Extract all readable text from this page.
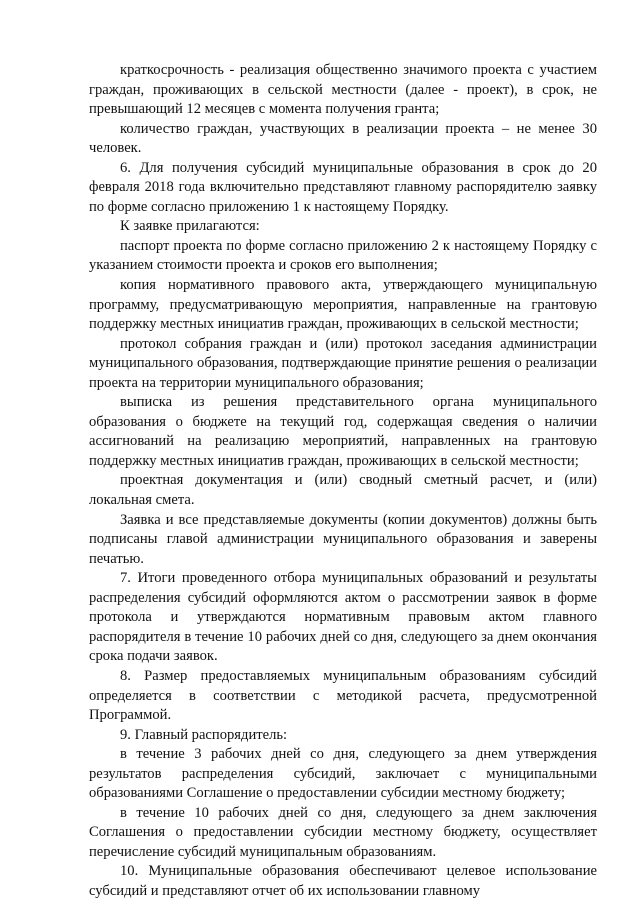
краткосрочность - реализация общественно значимого проекта с участием граждан, проживающих в сельской местности (далее - проект), в срок, не превышающий 12 месяцев с момента получения гранта;

количество граждан, участвующих в реализации проекта – не менее 30 человек.

6. Для получения субсидий муниципальные образования в срок до 20 февраля 2018 года включительно представляют главному распорядителю заявку по форме согласно приложению 1 к настоящему Порядку.

К заявке прилагаются:

паспорт проекта по форме согласно приложению 2 к настоящему Порядку с указанием стоимости проекта и сроков его выполнения;

копия нормативного правового акта, утверждающего муниципальную программу, предусматривающую мероприятия, направленные на грантовую поддержку местных инициатив граждан, проживающих в сельской местности;

протокол собрания граждан и (или) протокол заседания администрации муниципального образования, подтверждающие принятие решения о реализации проекта на территории муниципального образования;

выписка из решения представительного органа муниципального образования о бюджете на текущий год, содержащая сведения о наличии ассигнований на реализацию мероприятий, направленных на грантовую поддержку местных инициатив граждан, проживающих в сельской местности;

проектная документация и (или) сводный сметный расчет, и (или) локальная смета.

Заявка и все представляемые документы (копии документов) должны быть подписаны главой администрации муниципального образования и заверены печатью.

7. Итоги проведенного отбора муниципальных образований и результаты распределения субсидий оформляются актом о рассмотрении заявок в форме протокола и утверждаются нормативным правовым актом главного распорядителя в течение 10 рабочих дней со дня, следующего за днем окончания срока подачи заявок.

8. Размер предоставляемых муниципальным образованиям субсидий определяется в соответствии с методикой расчета, предусмотренной Программой.

9. Главный распорядитель:

в течение 3 рабочих дней со дня, следующего за днем утверждения результатов распределения субсидий, заключает с муниципальными образованиями Соглашение о предоставлении субсидии местному бюджету;

в течение 10 рабочих дней со дня, следующего за днем заключения Соглашения о предоставлении субсидии местному бюджету, осуществляет перечисление субсидий муниципальным образованиям.

10. Муниципальные образования обеспечивают целевое использование субсидий и представляют отчет об их использовании главному
